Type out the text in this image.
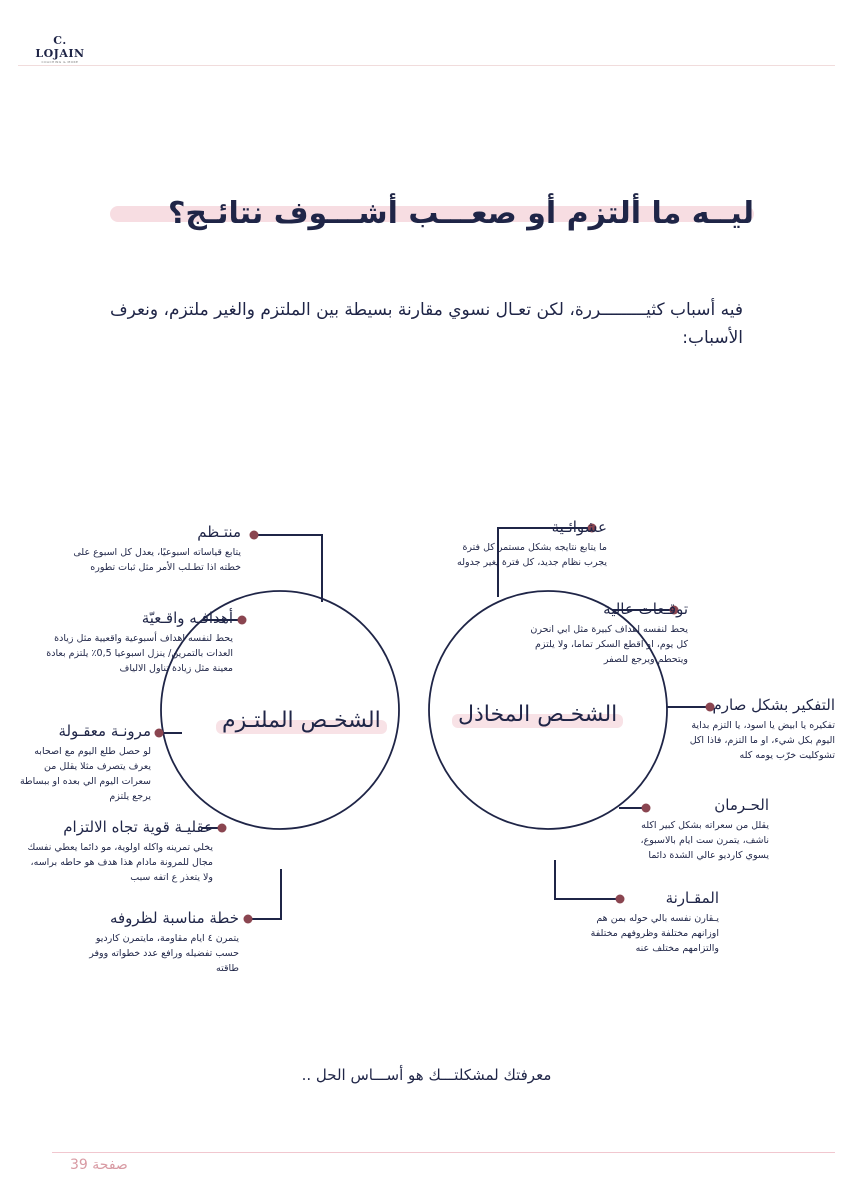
C. LOJAIN
COACHING & MORE
ليــه ما ألتزم أو صعـــب أشـــوف نتائـج؟
فيه أسباب كثيـــــــــررة، لكن تعـال نسوي مقارنة بسيطة بين الملتزم والغير ملتزم، ونعرف الأسباب:
الشخـص الملتـزم	الشخـص المخاذل
منتـظم
يتابع قياساته اسبوعيًا، يعدل كل اسبوع على خطته اذا تطـلب الأمر مثل ثبات تطوره
أهدافـه واقـعيّة
يحط لنفسه اهداف أسبوعية واقعيية مثل زيادة العدات بالتمرين/ ينزل اسبوعيا 0,5٪ يلتزم بعادة معينة مثل زيادة تناول الالياف
مرونـة معقـولة
لو حصل طلع اليوم مع اصحابه يعرف يتصرف مثلا يقلل من سعرات اليوم الي بعده او ببساطة يرجع يلتزم
عقليـة قوية تجاه الالتزام
يخلي تمرينه واكله اولوية، مو دائما يعطي نفسك مجال للمرونة مادام هذا هدف هو حاطه براسه، ولا يتعذر ع اتفه سبب
خطة مناسبة لظروفه
يتمرن ٤ ايام مقاومة، مايتمرن كارديو حسب تفضيله ورافع عدد خطواته ووفر طاقته
عشوائـية
ما يتابع نتايجه بشكل مستمر كل فترة يجرب نظام جديد، كل فترة يغير جدوله
توقـعات عالية
يحط لنفسه اهداف كبيرة مثل ابي انحرن كل يوم، او اقطع السكر تماما، ولا يلتزم ويتحطم ويرجع للصفر
التفكير بشكل صارم
تفكيره يا ابيض يا اسود، يا التزم بداية اليوم بكل شيء، او ما التزم، فاذا اكل تشوكليت خرّب يومه كله
الحـرمان
يقلل من سعراته بشكل كبير اكله ناشف، يتمرن ست ايام بالاسبوع، يسوي كارديو عالي الشدة دائما
المقـارنة
يـقارن نفسه بالي حوله بمن هم اوزانهم مختلفة وظروفهم مختلفة والتزامهم مختلف عنه
معرفتك لمشكلتـــك هو أســـاس الحل ..
صفحة 39
